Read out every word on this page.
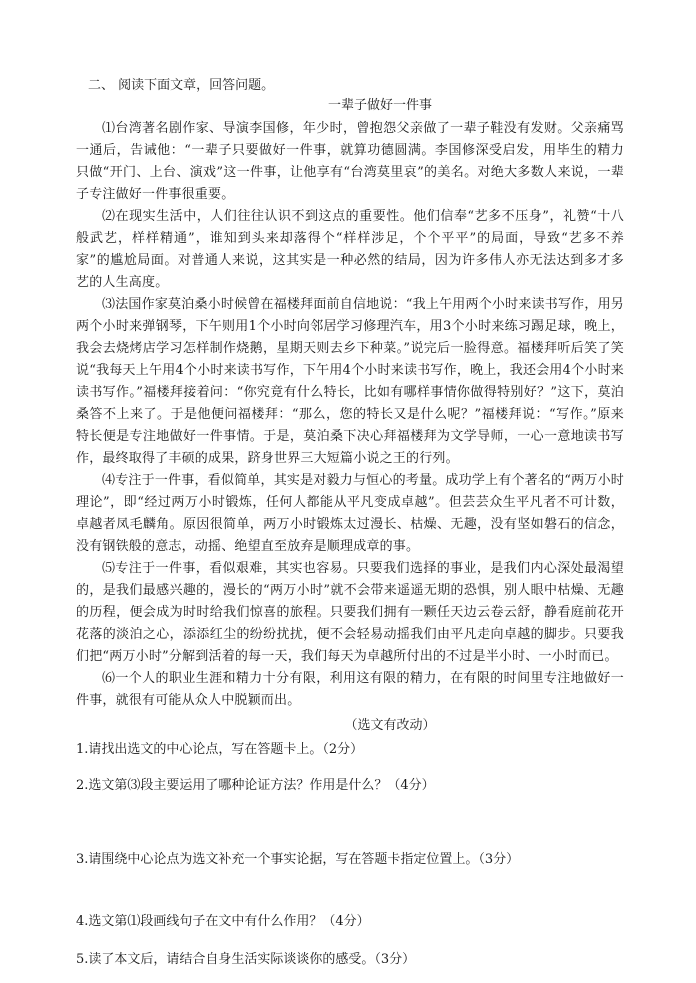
二、 阅读下面文章，回答问题。
一辈子做好一件事

⑴台湾著名剧作家、导演李国修，年少时，曾抱怨父亲做了一辈子鞋没有发财。父亲痛骂一通后，告诫他：“一辈子只要做好一件事，就算功德圆满。李国修深受启发，用毕生的精力只做“开门、上台、演戏”这一件事，让他享有“台湾莫里哀”的美名。对绝大多数人来说，一辈子专注做好一件事很重要。

⑵在现实生活中，人们往往认识不到这点的重要性。他们信奉“艺多不压身”，礼赞“十八般武艺，样样精通”，谁知到头来却落得个“样样涉足，个个平平”的局面，导致“艺多不养家”的尴尬局面。对普通人来说，这其实是一种必然的结局，因为许多伟人亦无法达到多才多艺的人生高度。

⑶法国作家莫泊桑小时候曾在福楼拜面前自信地说：“我上午用两个小时来读书写作，用另两个小时来弹钢琴，下午则用1个小时向邻居学习修理汽车，用3个小时来练习踢足球，晚上，我会去烧烤店学习怎样制作烧鹅，星期天则去乡下种菜。”说完后一脸得意。福楼拜听后笑了笑说“我每天上午用4个小时来读书写作，下午用4个小时来读书写作，晚上，我还会用4个小时来读书写作。”福楼拜接着问：“你究竟有什么特长，比如有哪样事情你做得特别好？”这下，莫泊桑答不上来了。于是他便问福楼拜：“那么，您的特长又是什么呢？”福楼拜说：“写作。”原来特长便是专注地做好一件事情。于是，莫泊桑下决心拜福楼拜为文学导师，一心一意地读书写作，最终取得了丰硕的成果，跻身世界三大短篇小说之王的行列。

⑷专注于一件事，看似简单，其实是对毅力与恒心的考量。成功学上有个著名的“两万小时理论”，即“经过两万小时锻炼，任何人都能从平凡变成卓越”。但芸芸众生平凡者不可计数，卓越者凤毛麟角。原因很简单，两万小时锻炼太过漫长、枯燥、无趣，没有坚如磐石的信念，没有钢铁般的意志，动摇、绝望直至放弃是顺理成章的事。

⑸专注于一件事，看似艰难，其实也容易。只要我们选择的事业，是我们内心深处最渴望的，是我们最感兴趣的，漫长的“两万小时”就不会带来遥遥无期的恐惧，别人眼中枯燥、无趣的历程，便会成为时时给我们惊喜的旅程。只要我们拥有一颗任天边云卷云舒，静看庭前花开花落的淡泊之心，添添红尘的纷纷扰扰，便不会轻易动摇我们由平凡走向卓越的脚步。只要我们把“两万小时”分解到活着的每一天，我们每天为卓越所付出的不过是半小时、一小时而已。

⑹一个人的职业生涯和精力十分有限，利用这有限的精力，在有限的时间里专注地做好一件事，就很有可能从众人中脱颖而出。

（选文有改动）

1.请找出选文的中心论点，写在答题卡上。（2分）

2.选文第⑶段主要运用了哪种论证方法？作用是什么？（4分）

3.请围绕中心论点为选文补充一个事实论据，写在答题卡指定位置上。（3分）

4.选文第⑴段画线句子在文中有什么作用？（4分）

5.读了本文后，请结合自身生活实际谈谈你的感受。（3分）
